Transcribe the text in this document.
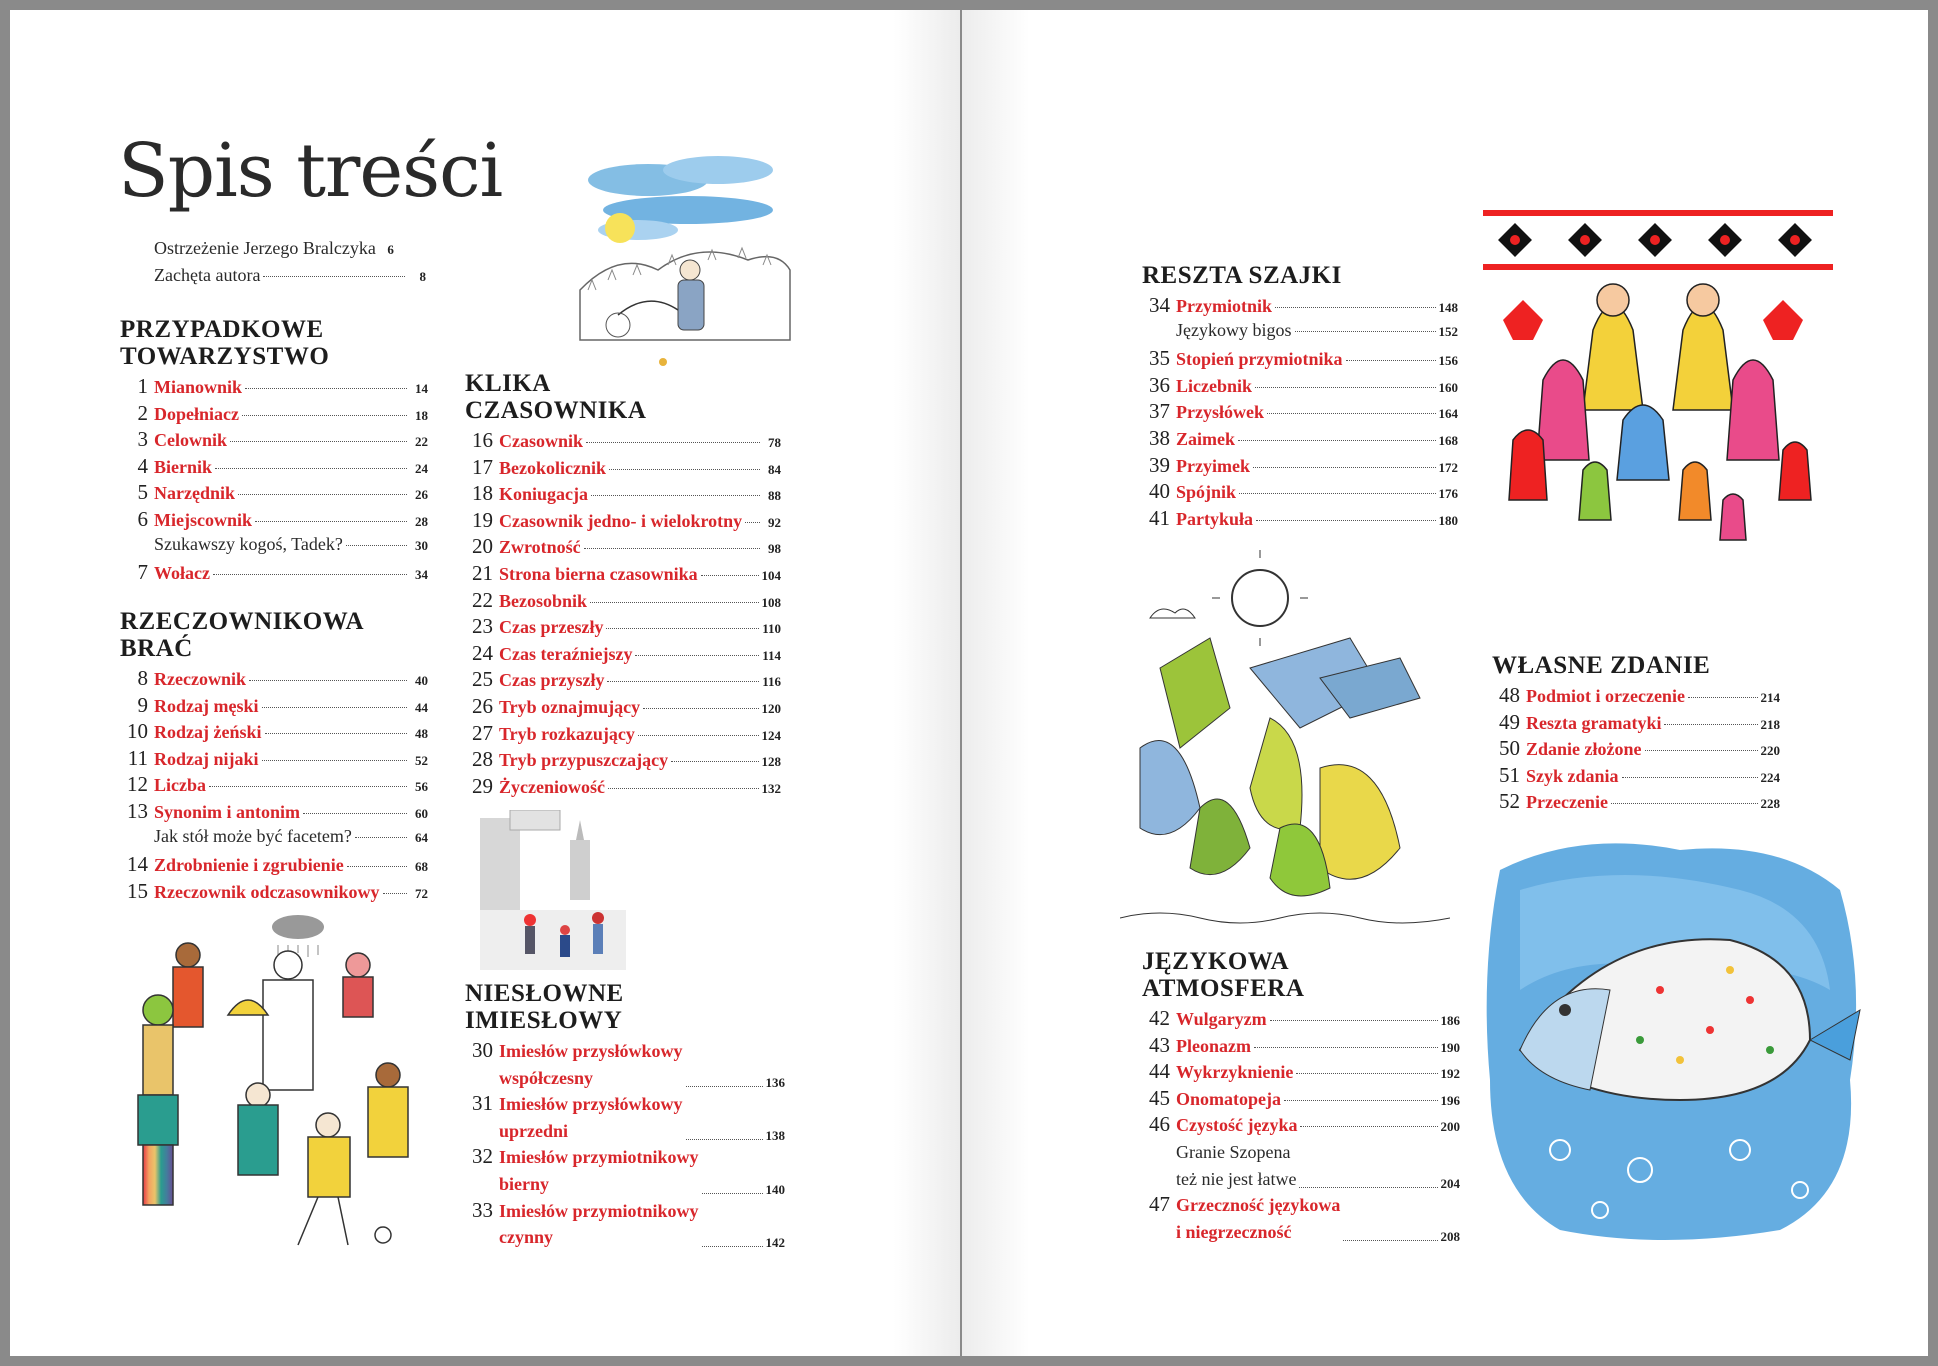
Spis treści
Ostrzeżenie Jerzego Bralczyka 6
Zachęta autora	8
PRZYPADKOWE
TOWARZYSTWO
1 Mianownik	14
2 Dopełniacz	18
3 Celownik	22
4 Biernik	24
5 Narzędnik	26
6 Miejscownik	28
Szukawszy kogoś, Tadek?	30
7 Wołacz	34
RZECZOWNIKOWA
BRAĆ
8 Rzeczownik	40
9 Rodzaj męski	44
10 Rodzaj żeński	48
11 Rodzaj nijaki	52
12 Liczba	56
13 Synonim i antonim	60
Jak stół może być facetem?	64
14 Zdrobnienie i zgrubienie	68
15 Rzeczownik odczasownikowy	72
KLIKA
CZASOWNIKA
16 Czasownik	78
17 Bezokolicznik	84
18 Koniugacja	88
19 Czasownik jedno- i wielokrotny	92
20 Zwrotność	98
21 Strona bierna czasownika	104
22 Bezosobnik	108
23 Czas przeszły	110
24 Czas teraźniejszy	114
25 Czas przyszły	116
26 Tryb oznajmujący	120
27 Tryb rozkazujący	124
28 Tryb przypuszczający	128
29 Życzeniowość	132
NIESŁOWNE
IMIESŁOWY
30 Imiesłów przysłówkowy
współczesny	136
31 Imiesłów przysłówkowy
uprzedni	138
32 Imiesłów przymiotnikowy
bierny	140
33 Imiesłów przymiotnikowy
czynny	142
RESZTA SZAJKI
34 Przymiotnik	148
Językowy bigos	152
35 Stopień przymiotnika	156
36 Liczebnik	160
37 Przysłówek	164
38 Zaimek	168
39 Przyimek	172
40 Spójnik	176
41 Partykuła	180
JĘZYKOWA
ATMOSFERA
42 Wulgaryzm	186
43 Pleonazm	190
44 Wykrzyknienie	192
45 Onomatopeja	196
46 Czystość języka	200
Granie Szopena
też nie jest łatwe	204
47 Grzeczność językowa
i niegrzeczność	208
WŁASNE ZDANIE
48 Podmiot i orzeczenie	214
49 Reszta gramatyki	218
50 Zdanie złożone	220
51 Szyk zdania	224
52 Przeczenie	228
